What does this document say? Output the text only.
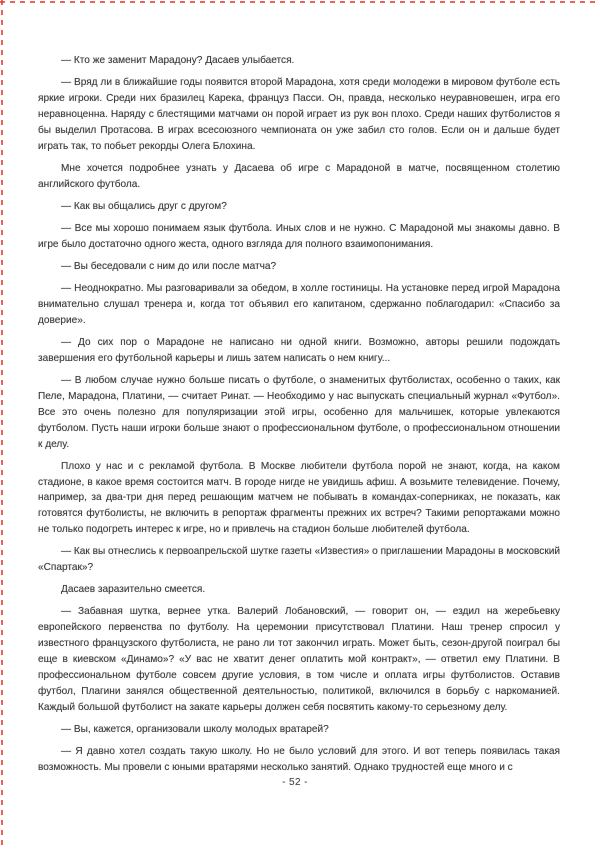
— Кто же заменит Марадону? Дасаев улыбается.

— Вряд ли в ближайшие годы появится второй Марадона, хотя среди молодежи в мировом футболе есть яркие игроки. Среди них бразилец Карека, француз Пасси. Он, правда, несколько неуравновешен, игра его неравноценна. Наряду с блестящими матчами он порой играет из рук вон плохо. Среди наших футболистов я бы выделил Протасова. В играх всесоюзного чемпионата он уже забил сто голов. Если он и дальше будет играть так, то побьет рекорды Олега Блохина.

Мне хочется подробнее узнать у Дасаева об игре с Марадоной в матче, посвященном столетию английского футбола.

— Как вы общались друг с другом?

— Все мы хорошо понимаем язык футбола. Иных слов и не нужно. С Марадоной мы знакомы давно. В игре было достаточно одного жеста, одного взгляда для полного взаимопонимания.

— Вы беседовали с ним до или после матча?

— Неоднократно. Мы разговаривали за обедом, в холле гостиницы. На установке перед игрой Марадона внимательно слушал тренера и, когда тот объявил его капитаном, сдержанно поблагодарил: «Спасибо за доверие».

— До сих пор о Марадоне не написано ни одной книги. Возможно, авторы решили подождать завершения его футбольной карьеры и лишь затем написать о нем книгу...

— В любом случае нужно больше писать о футболе, о знаменитых футболистах, особенно о таких, как Пеле, Марадона, Платини, — считает Ринат. — Необходимо у нас выпускать специальный журнал «Футбол». Все это очень полезно для популяризации этой игры, особенно для мальчишек, которые увлекаются футболом. Пусть наши игроки больше знают о профессиональном футболе, о профессиональном отношении к делу.

Плохо у нас и с рекламой футбола. В Москве любители футбола порой не знают, когда, на каком стадионе, в какое время состоится матч. В городе нигде не увидишь афиш. А возьмите телевидение. Почему, например, за два-три дня перед решающим матчем не побывать в командах-соперниках, не показать, как готовятся футболисты, не включить в репортаж фрагменты прежних их встреч? Такими репортажами можно не только подогреть интерес к игре, но и привлечь на стадион больше любителей футбола.

— Как вы отнеслись к первоапрельской шутке газеты «Известия» о приглашении Марадоны в московский «Спартак»?

Дасаев заразительно смеется.

— Забавная шутка, вернее утка. Валерий Лобановский, — говорит он, — ездил на жеребьевку европейского первенства по футболу. На церемонии присутствовал Платини. Наш тренер спросил у известного французского футболиста, не рано ли тот закончил играть. Может быть, сезон-другой поиграл бы еще в киевском «Динамо»? «У вас не хватит денег оплатить мой контракт», — ответил ему Платини. В профессиональном футболе совсем другие условия, в том числе и оплата игры футболистов. Оставив футбол, Плагини занялся общественной деятельностью, политикой, включился в борьбу с наркоманией. Каждый большой футболист на закате карьеры должен себя посвятить какому-то серьезному делу.

— Вы, кажется, организовали школу молодых вратарей?

— Я давно хотел создать такую школу. Но не было условий для этого. И вот теперь появилась такая возможность. Мы провели с юными вратарями несколько занятий. Однако трудностей еще много и с

- 52 -
